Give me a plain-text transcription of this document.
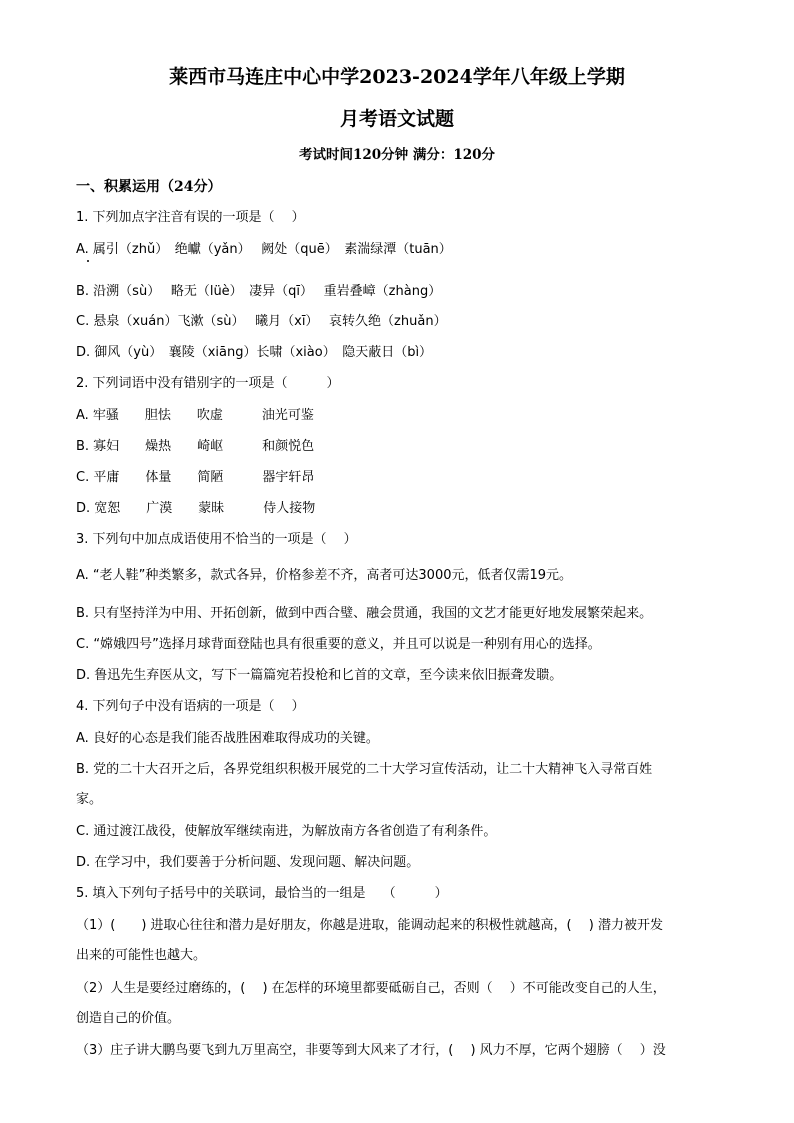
莱西市马连庄中心中学2023-2024学年八年级上学期
月考语文试题
考试时间120分钟 满分：120分
一、积累运用（24分）
1. 下列加点字注音有误的一项是（　 ）
A. 属引（zhǔ）　绝巘（yǎn）　 阙处（quē）　素湍绿潭（tuān）
B. 沿溯（sù）　 略无（lüè）　凄异（qī）　 重岩叠嶂（zhàng）
C. 悬泉（xuán）飞漱（sù）　 曦月（xī）　 哀转久绝（zhuǎn）
D. 御风（yù）　襄陵（xiāng）长啸（xiào）　隐天蔽日（bì）
2. 下列词语中没有错别字的一项是（　　　）
A. 牢骚　　胆怯　　吹虚　　　油光可鉴
B. 寡妇　　燥热　　崎岖　　　和颜悦色
C. 平庸　　体量　　简陋　　　器宇轩昂
D. 宽恕　　广漠　　蒙昧　　　侍人接物
3. 下列句中加点成语使用不恰当的一项是（　 ）
A. “老人鞋”种类繁多，款式各异，价格参差不齐，高者可达3000元，低者仅需19元。
B. 只有坚持洋为中用、开拓创新，做到中西合璧、融会贯通，我国的文艺才能更好地发展繁荣起来。
C. “嫦娥四号”选择月球背面登陆也具有很重要的意义，并且可以说是一种别有用心的选择。
D. 鲁迅先生弃医从文，写下一篇篇宛若投枪和匕首的文章，至今读来依旧振聋发聩。
4. 下列句子中没有语病的一项是（　 ）
A. 良好的心态是我们能否战胜困难取得成功的关键。
B. 党的二十大召开之后，各界党组织积极开展党的二十大学习宣传活动，让二十大精神飞入寻常百姓
家。
C. 通过渡江战役，使解放军继续南进，为解放南方各省创造了有利条件。
D. 在学习中，我们要善于分析问题、发现问题、解决问题。
5. 填入下列句子括号中的关联词，最恰当的一组是　 （　　　）
（1）(　　) 进取心往往和潜力是好朋友，你越是进取，能调动起来的积极性就越高，(　 ) 潜力被开发
出来的可能性也越大。
（2）人生是要经过磨练的，(　 ) 在怎样的环境里都要砥砺自己，否则（　 ）不可能改变自己的人生，
创造自己的价值。
（3）庄子讲大鹏鸟要飞到九万里高空，非要等到大风来了才行，(　 ) 风力不厚，它两个翅膀（　 ）没
